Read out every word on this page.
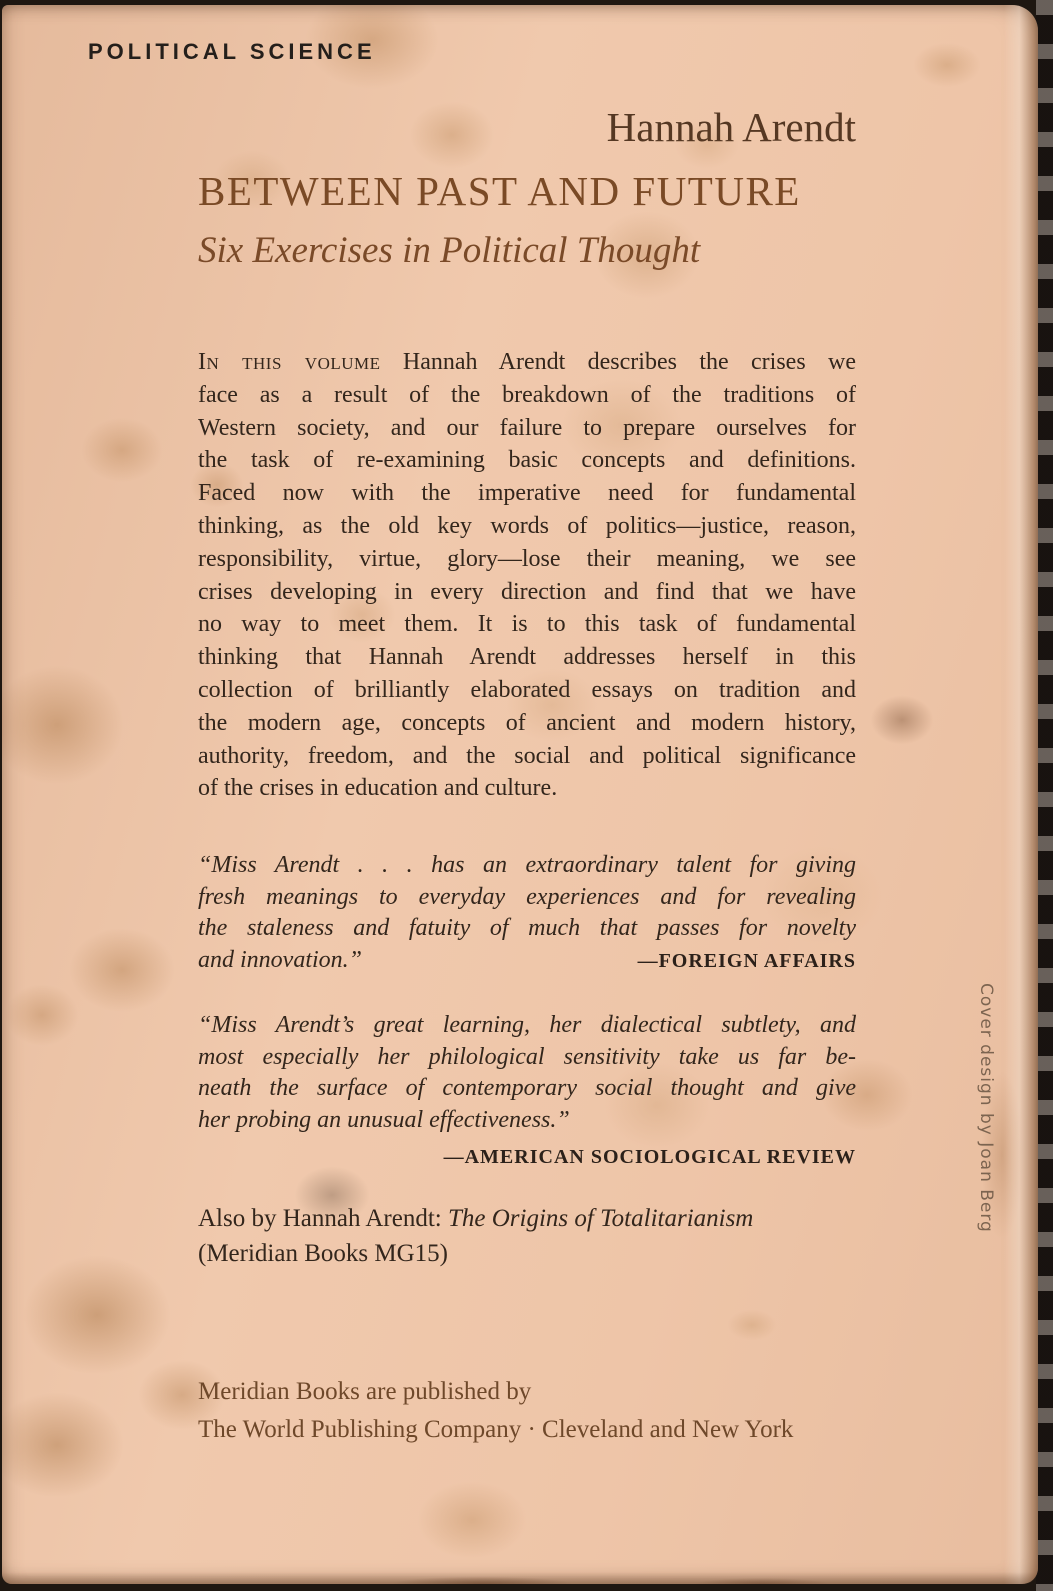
POLITICAL SCIENCE
Hannah Arendt
BETWEEN PAST AND FUTURE
Six Exercises in Political Thought
In this volume Hannah Arendt describes the crises we
face as a result of the breakdown of the traditions of
Western society, and our failure to prepare ourselves for
the task of re-examining basic concepts and definitions.
Faced now with the imperative need for fundamental
thinking, as the old key words of politics—justice, reason,
responsibility, virtue, glory—lose their meaning, we see
crises developing in every direction and find that we have
no way to meet them. It is to this task of fundamental
thinking that Hannah Arendt addresses herself in this
collection of brilliantly elaborated essays on tradition and
the modern age, concepts of ancient and modern history,
authority, freedom, and the social and political significance
of the crises in education and culture.
“Miss Arendt . . . has an extraordinary talent for giving
fresh meanings to everyday experiences and for revealing
the staleness and fatuity of much that passes for novelty
and innovation.”	—FOREIGN AFFAIRS
“Miss Arendt’s great learning, her dialectical subtlety, and
most especially her philological sensitivity take us far be-
neath the surface of contemporary social thought and give
her probing an unusual effectiveness.”
—AMERICAN SOCIOLOGICAL REVIEW
Also by Hannah Arendt: The Origins of Totalitarianism
(Meridian Books MG15)
Meridian Books are published by
The World Publishing Company · Cleveland and New York
Cover design by Joan Berg
